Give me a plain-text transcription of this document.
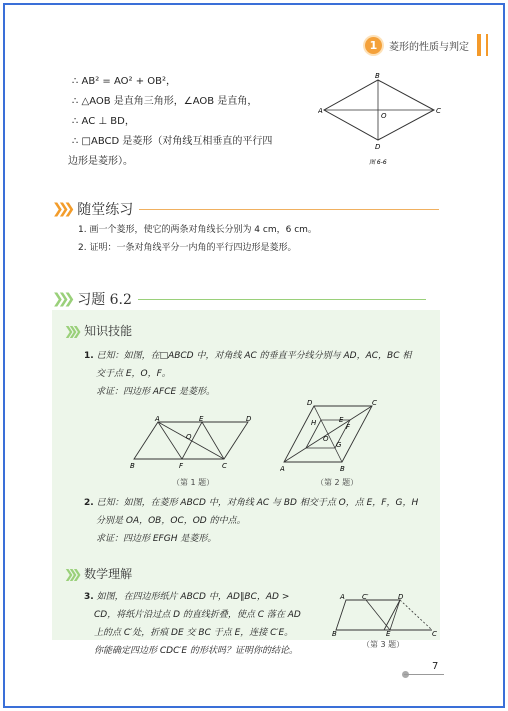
1	菱形的性质与判定
∴ AB² = AO² + OB²，
∴ △AOB 是直角三角形，∠AOB 是直角，
∴ AC ⊥ BD，
∴ □ABCD 是菱形（对角线互相垂直的平行四
边形是菱形）。
B
A	C
D
O
图 6-6
❯❯❯ 随堂练习
1. 画一个菱形，使它的两条对角线长分别为 4 cm，6 cm。
2. 证明：一条对角线平分一内角的平行四边形是菱形。
❯❯❯ 习题 6.2
❯❯❯ 知识技能
1. 已知：如图，在□ABCD 中，对角线 AC 的垂直平分线分别与 AD，AC，BC 相
交于点 E，O，F。
求证：四边形 AFCE 是菱形。
A	E	D
O
B	F	C
（第 1 题）
D	C
H	E
O
G
F
A	B
（第 2 题）
2. 已知：如图，在菱形 ABCD 中，对角线 AC 与 BD 相交于点 O，点 E，F，G，H
分别是 OA，OB，OC，OD 的中点。
求证：四边形 EFGH 是菱形。
❯❯❯ 数学理解
3. 如图，在四边形纸片 ABCD 中，AD∥BC，AD >
CD，将纸片沿过点 D 的直线折叠，使点 C 落在 AD
上的点 C′处，折痕 DE 交 BC 于点 E，连接 C′E。
你能确定四边形 CDC′E 的形状吗？证明你的结论。
A C′	D
B	E	C
（第 3 题）
7
